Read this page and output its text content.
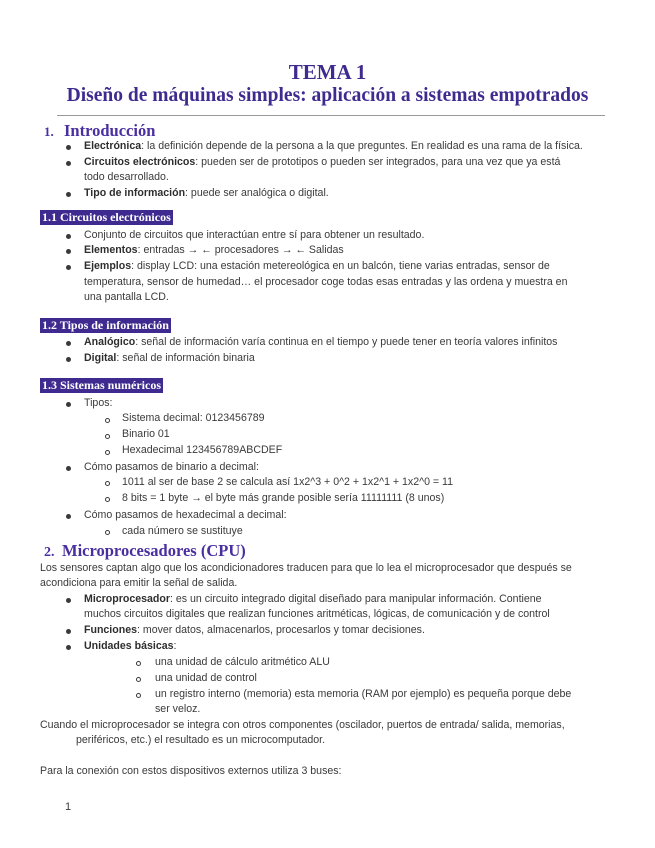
TEMA 1
Diseño de máquinas simples: aplicación a sistemas empotrados
1. Introducción
Electrónica: la definición depende de la persona a la que preguntes. En realidad es una rama de la física.
Circuitos electrónicos: pueden ser de prototipos o pueden ser integrados, para una vez que ya está
todo desarrollado.
Tipo de información: puede ser analógica o digital.
1.1 Circuitos electrónicos
Conjunto de circuitos que interactúan entre sí para obtener un resultado.
Elementos: entradas → ← procesadores → ← Salidas
Ejemplos: display LCD: una estación metereológica en un balcón, tiene varias entradas, sensor de
temperatura, sensor de humedad… el procesador coge todas esas entradas y las ordena y muestra en
una pantalla LCD.
1.2 Tipos de información
Analógico: señal de información varía continua en el tiempo y puede tener en teoría valores infinitos
Digital: señal de información binaria
1.3 Sistemas numéricos
Tipos:
Sistema decimal: 0123456789
Binario 01
Hexadecimal 123456789ABCDEF
Cómo pasamos de binario a decimal:
1011 al ser de base 2 se calcula así 1x2^3 + 0^2 + 1x2^1 + 1x2^0 = 11
8 bits = 1 byte → el byte más grande posible sería 11111111 (8 unos)
Cómo pasamos de hexadecimal a decimal:
cada número se sustituye
2. Microprocesadores (CPU)
Los sensores captan algo que los acondicionadores traducen para que lo lea el microprocesador que después se
acondiciona para emitir la señal de salida.
Microprocesador: es un circuito integrado digital diseñado para manipular información. Contiene
muchos circuitos digitales que realizan funciones aritméticas, lógicas, de comunicación y de control
Funciones: mover datos, almacenarlos, procesarlos y tomar decisiones.
Unidades básicas:
una unidad de cálculo aritmético ALU
una unidad de control
un registro interno (memoria) esta memoria (RAM por ejemplo) es pequeña porque debe
ser veloz.
Cuando el microprocesador se integra con otros componentes (oscilador, puertos de entrada/ salida, memorias,
periféricos, etc.) el resultado es un microcomputador.
Para la conexión con estos dispositivos externos utiliza 3 buses:
1
